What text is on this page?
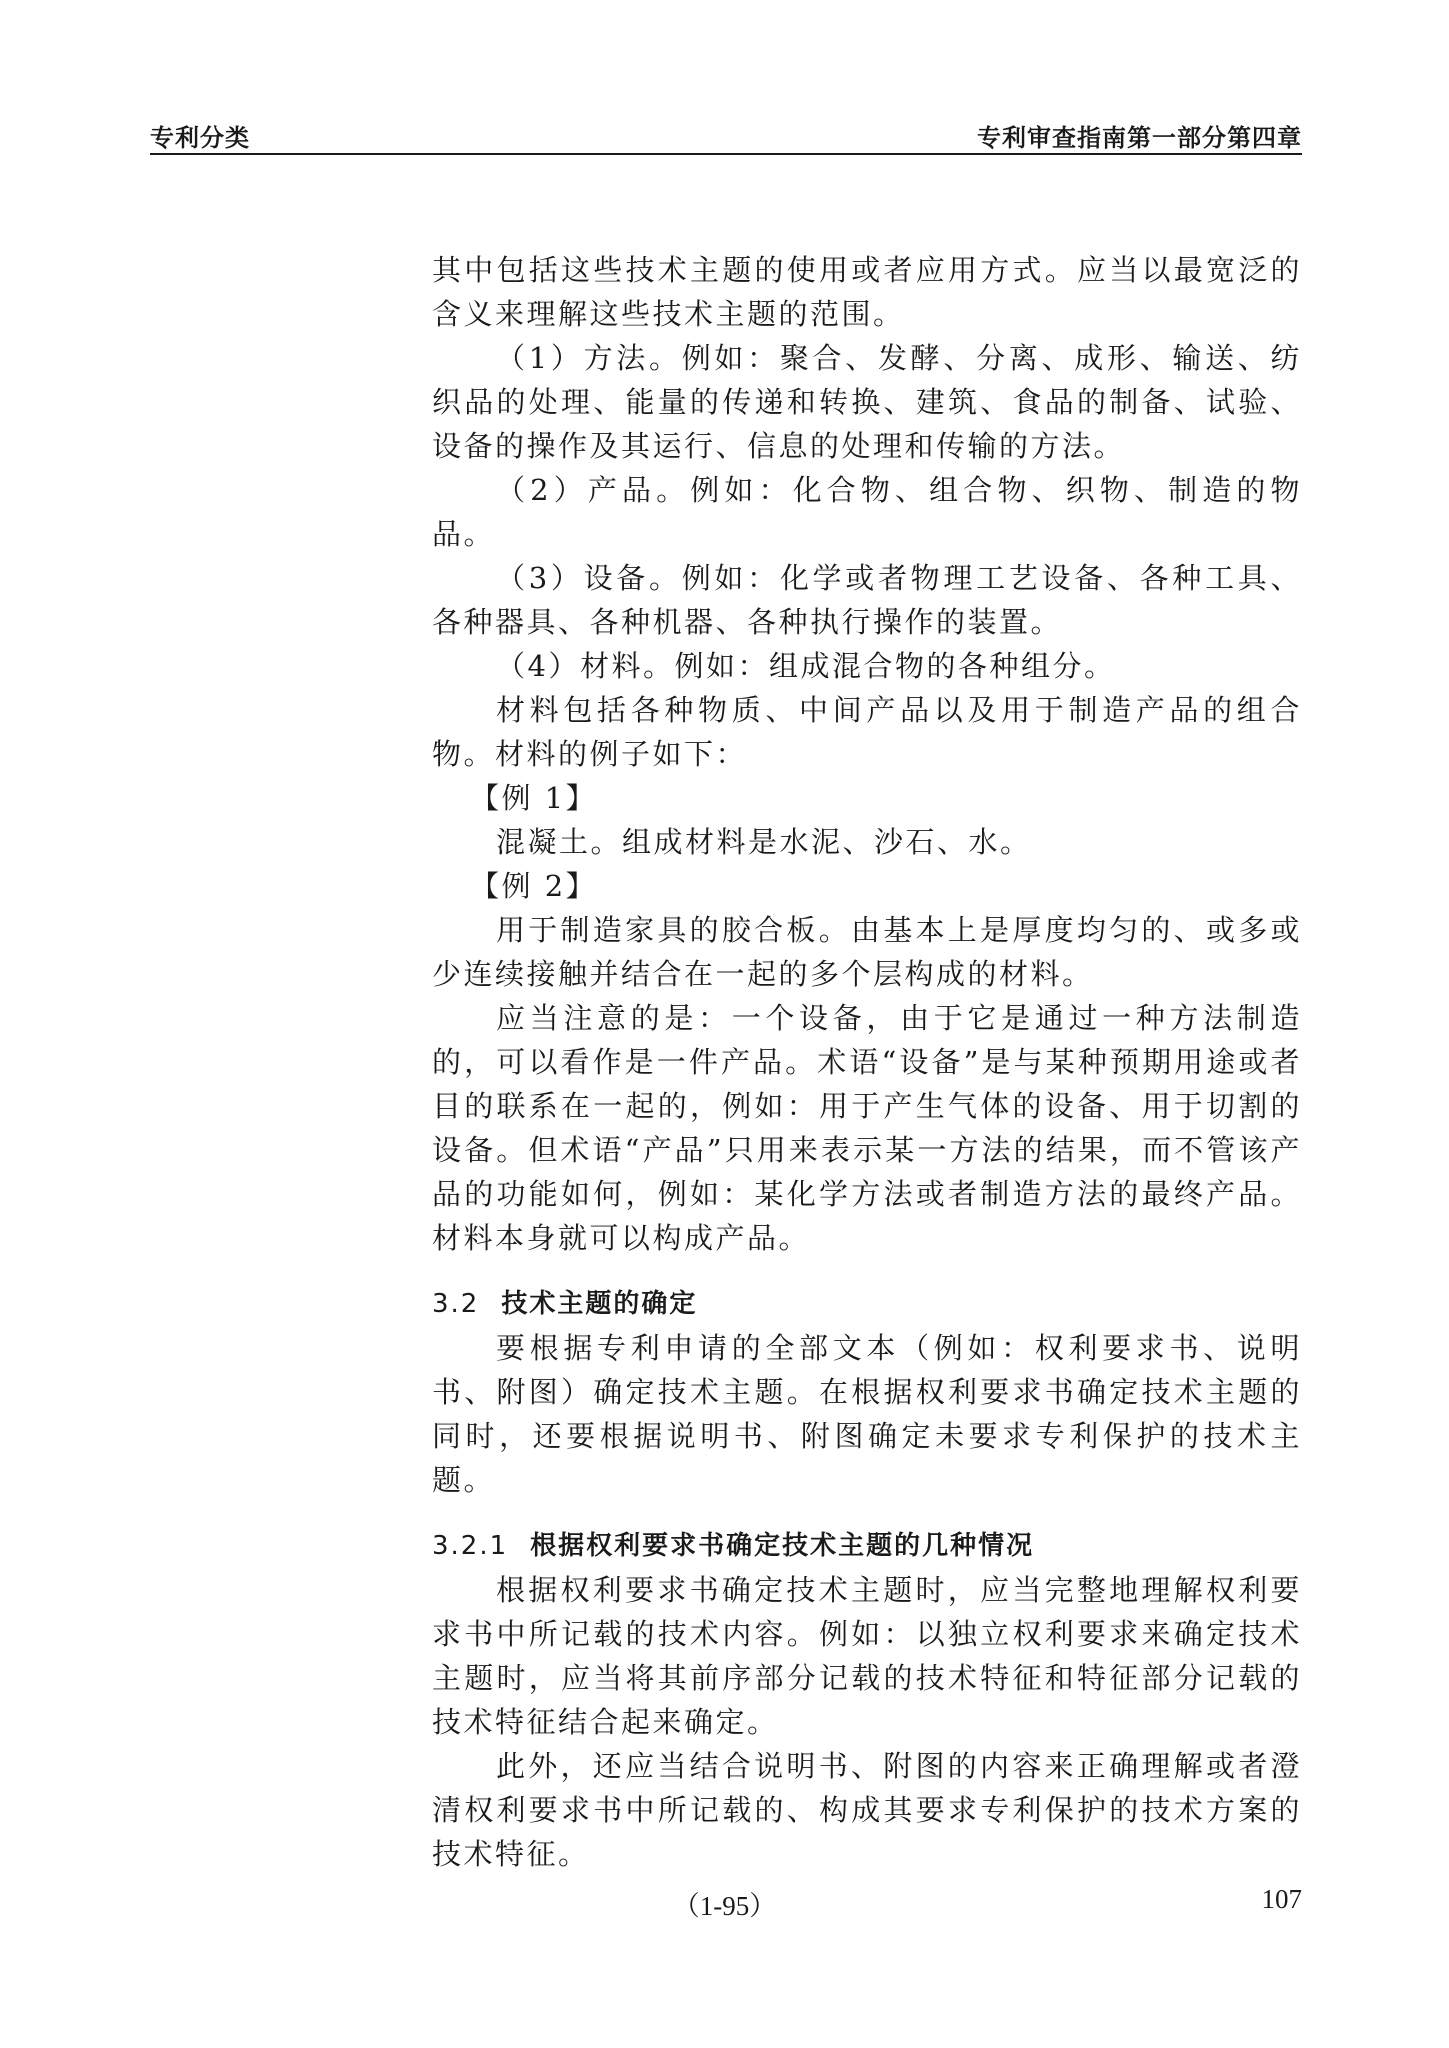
专利分类	专利审查指南第一部分第四章

其中包括这些技术主题的使用或者应用方式。应当以最宽泛的含义来理解这些技术主题的范围。

（1）方法。例如：聚合、发酵、分离、成形、输送、纺织品的处理、能量的传递和转换、建筑、食品的制备、试验、设备的操作及其运行、信息的处理和传输的方法。

（2）产品。例如：化合物、组合物、织物、制造的物品。

（3）设备。例如：化学或者物理工艺设备、各种工具、各种器具、各种机器、各种执行操作的装置。

（4）材料。例如：组成混合物的各种组分。

材料包括各种物质、中间产品以及用于制造产品的组合物。材料的例子如下：

【例 1】

混凝土。组成材料是水泥、沙石、水。

【例 2】

用于制造家具的胶合板。由基本上是厚度均匀的、或多或少连续接触并结合在一起的多个层构成的材料。

应当注意的是：一个设备，由于它是通过一种方法制造的，可以看作是一件产品。术语“设备”是与某种预期用途或者目的联系在一起的，例如：用于产生气体的设备、用于切割的设备。但术语“产品”只用来表示某一方法的结果，而不管该产品的功能如何，例如：某化学方法或者制造方法的最终产品。材料本身就可以构成产品。

3.2 技术主题的确定

要根据专利申请的全部文本（例如：权利要求书、说明书、附图）确定技术主题。在根据权利要求书确定技术主题的同时，还要根据说明书、附图确定未要求专利保护的技术主题。

3.2.1 根据权利要求书确定技术主题的几种情况

根据权利要求书确定技术主题时，应当完整地理解权利要求书中所记载的技术内容。例如：以独立权利要求来确定技术主题时，应当将其前序部分记载的技术特征和特征部分记载的技术特征结合起来确定。

此外，还应当结合说明书、附图的内容来正确理解或者澄清权利要求书中所记载的、构成其要求专利保护的技术方案的技术特征。

（1-95）	107
